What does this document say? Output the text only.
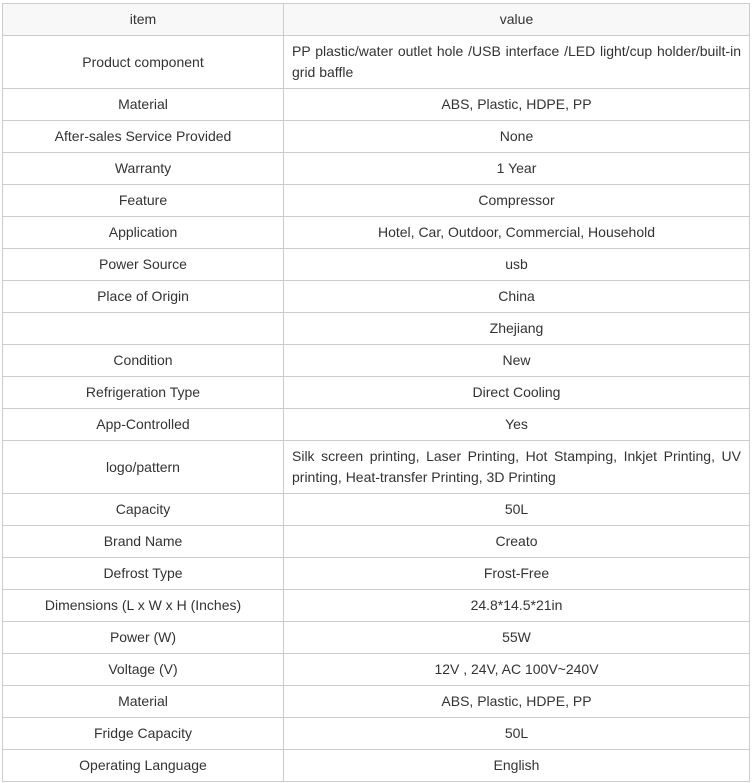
item	value
Product component	PP plastic/water outlet hole /USB interface /LED light/cup holder/built-in grid baffle
Material	ABS, Plastic, HDPE, PP
After-sales Service Provided	None
Warranty	1 Year
Feature	Compressor
Application	Hotel, Car, Outdoor, Commercial, Household
Power Source	usb
Place of Origin	China
	Zhejiang
Condition	New
Refrigeration Type	Direct Cooling
App-Controlled	Yes
logo/pattern	Silk screen printing, Laser Printing, Hot Stamping, Inkjet Printing, UV printing, Heat-transfer Printing, 3D Printing
Capacity	50L
Brand Name	Creato
Defrost Type	Frost-Free
Dimensions (L x W x H (Inches)	24.8*14.5*21in
Power (W)	55W
Voltage (V)	12V , 24V, AC 100V~240V
Material	ABS, Plastic, HDPE, PP
Fridge Capacity	50L
Operating Language	English
